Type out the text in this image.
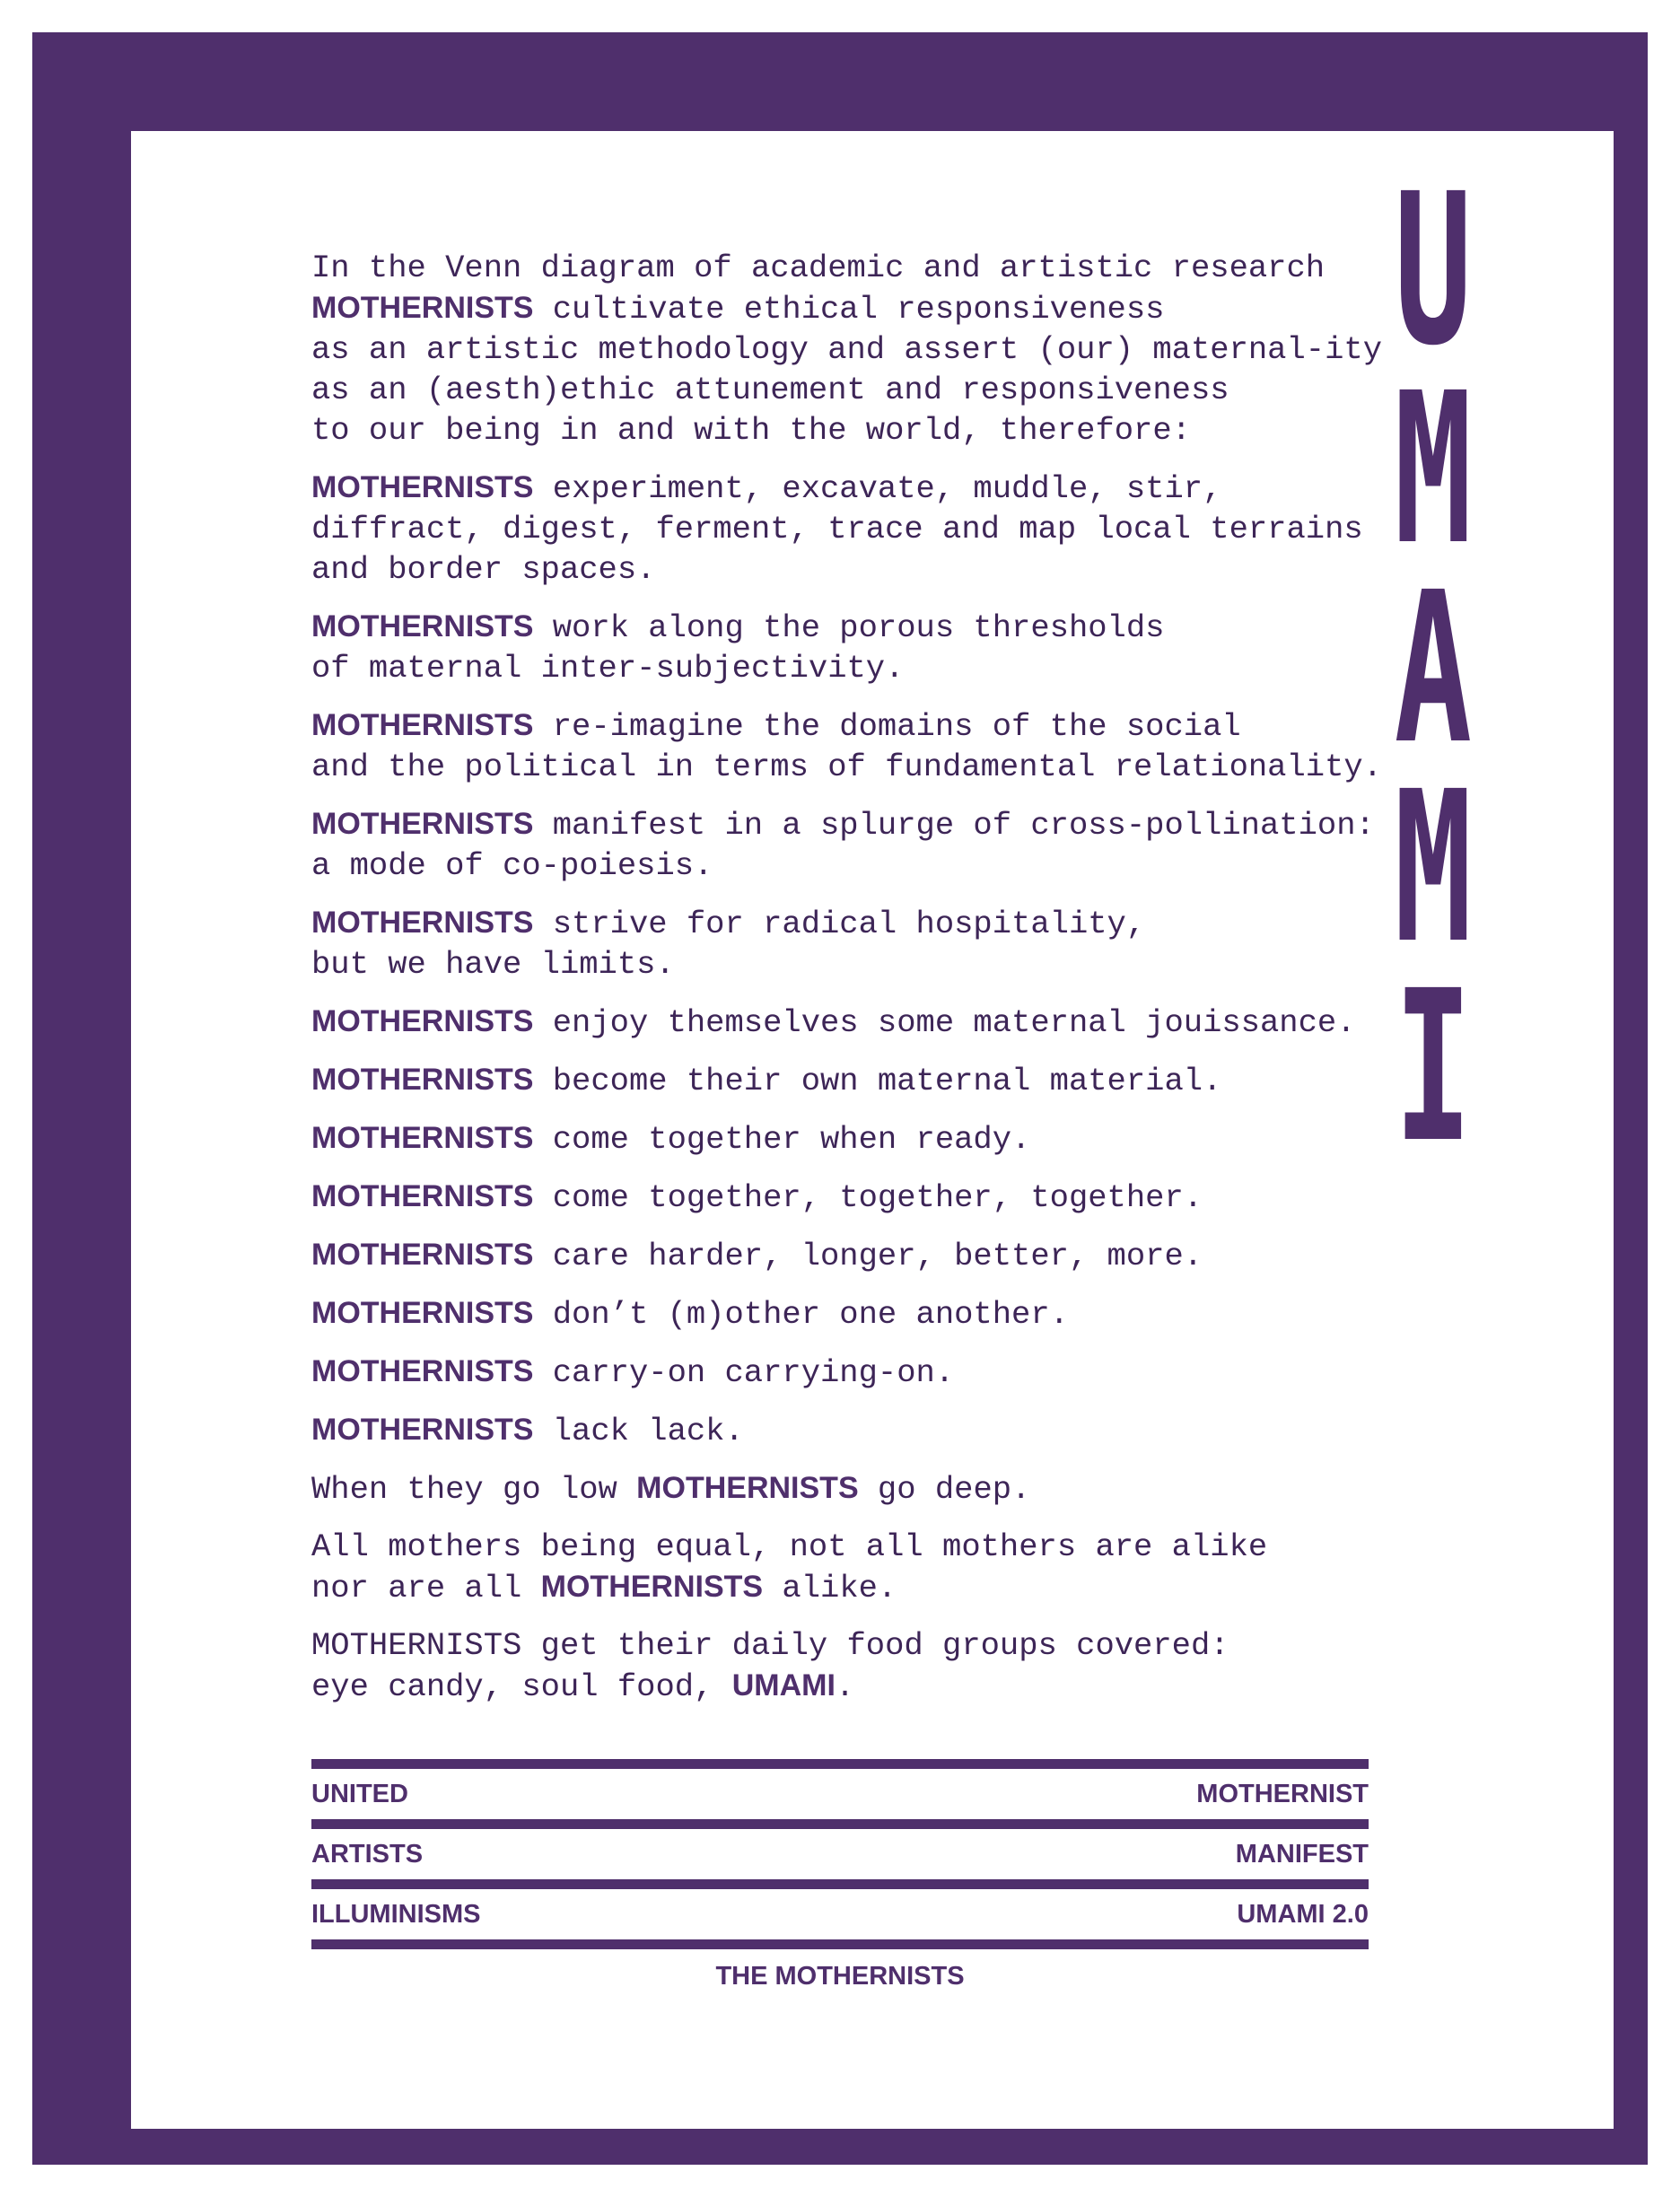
U
M
A
M
I

In the Venn diagram of academic and artistic research
MOTHERNISTS cultivate ethical responsiveness
as an artistic methodology and assert (our) maternal-ity
as an (aesth)ethic attunement and responsiveness
to our being in and with the world, therefore:

MOTHERNISTS experiment, excavate, muddle, stir,
diffract, digest, ferment, trace and map local terrains
and border spaces.

MOTHERNISTS work along the porous thresholds
of maternal inter-subjectivity.

MOTHERNISTS re-imagine the domains of the social
and the political in terms of fundamental relationality.

MOTHERNISTS manifest in a splurge of cross-pollination:
a mode of co-poiesis.

MOTHERNISTS strive for radical hospitality,
but we have limits.

MOTHERNISTS enjoy themselves some maternal jouissance.

MOTHERNISTS become their own maternal material.

MOTHERNISTS come together when ready.

MOTHERNISTS come together, together, together.

MOTHERNISTS care harder, longer, better, more.

MOTHERNISTS don’t (m)other one another.

MOTHERNISTS carry-on carrying-on.

MOTHERNISTS lack lack.

When they go low MOTHERNISTS go deep.

All mothers being equal, not all mothers are alike
nor are all MOTHERNISTS alike.

MOTHERNISTS get their daily food groups covered:
eye candy, soul food, UMAMI.

UNITED	MOTHERNIST
ARTISTS	MANIFEST
ILLUMINISMS	UMAMI 2.0
THE MOTHERNISTS
